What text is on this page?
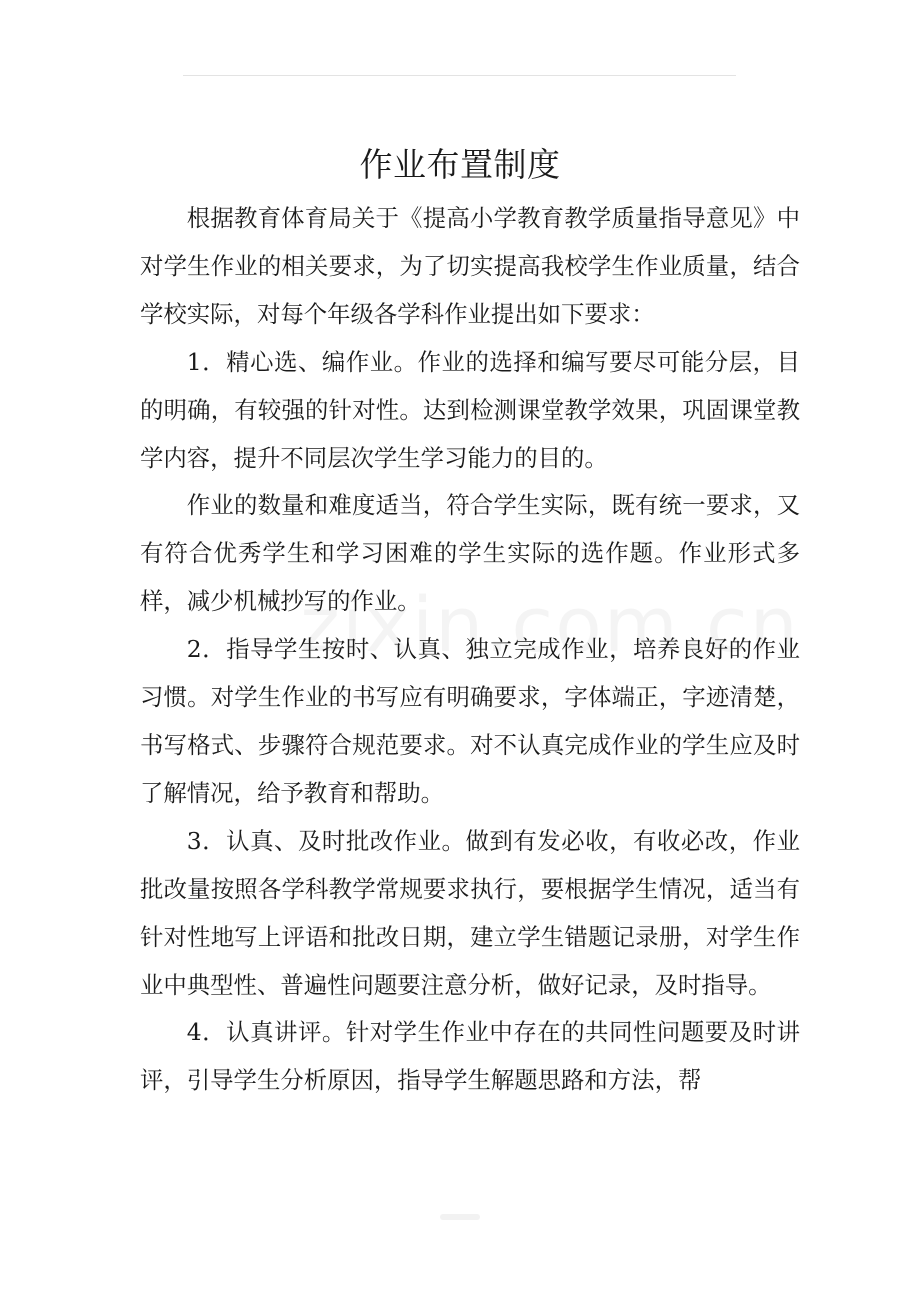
作业布置制度

根据教育体育局关于《提高小学教育教学质量指导意见》中对学生作业的相关要求，为了切实提高我校学生作业质量，结合学校实际，对每个年级各学科作业提出如下要求：

1．精心选、编作业。作业的选择和编写要尽可能分层，目的明确，有较强的针对性。达到检测课堂教学效果，巩固课堂教学内容，提升不同层次学生学习能力的目的。

作业的数量和难度适当，符合学生实际，既有统一要求，又有符合优秀学生和学习困难的学生实际的选作题。作业形式多样，减少机械抄写的作业。

2．指导学生按时、认真、独立完成作业，培养良好的作业习惯。对学生作业的书写应有明确要求，字体端正，字迹清楚，书写格式、步骤符合规范要求。对不认真完成作业的学生应及时了解情况，给予教育和帮助。

3．认真、及时批改作业。做到有发必收，有收必改，作业批改量按照各学科教学常规要求执行，要根据学生情况，适当有针对性地写上评语和批改日期，建立学生错题记录册，对学生作业中典型性、普遍性问题要注意分析，做好记录，及时指导。

4．认真讲评。针对学生作业中存在的共同性问题要及时讲评，引导学生分析原因，指导学生解题思路和方法，帮
